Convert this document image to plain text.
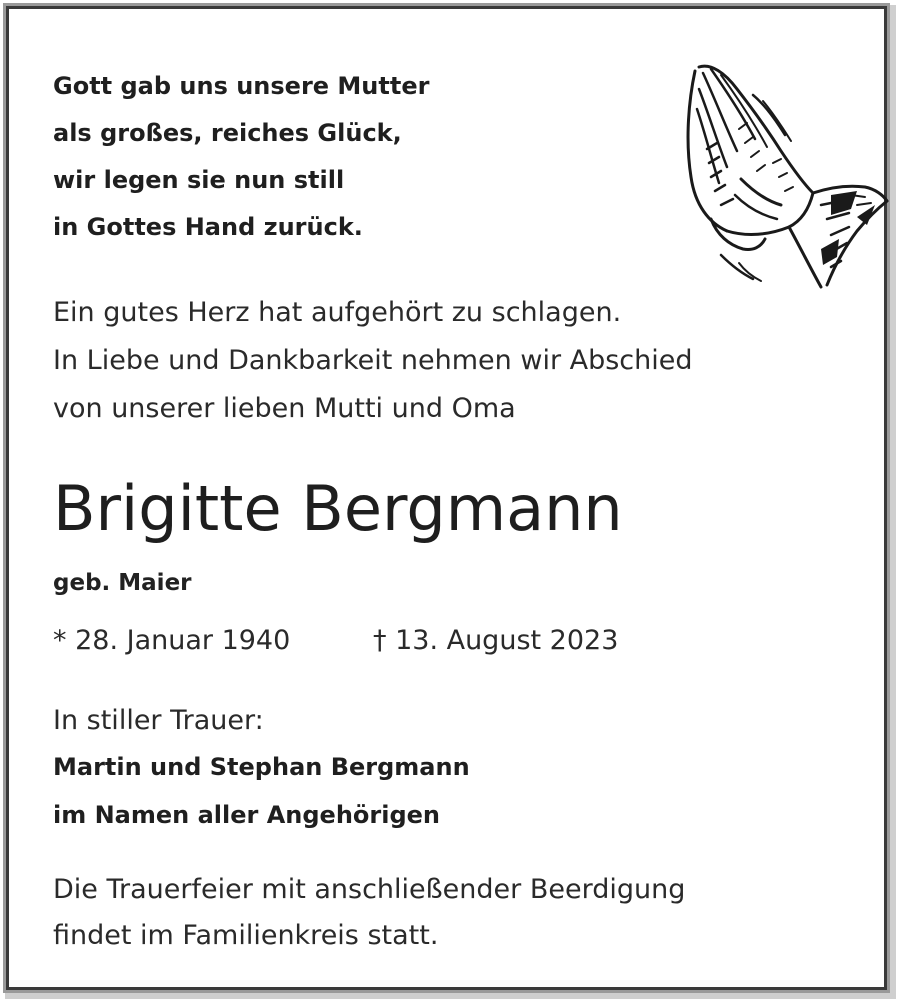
Gott gab uns unsere Mutter
als großes, reiches Glück,
wir legen sie nun still
in Gottes Hand zurück.
Ein gutes Herz hat aufgehört zu schlagen.
In Liebe und Dankbarkeit nehmen wir Abschied
von unserer lieben Mutti und Oma
Brigitte Bergmann
geb. Maier
* 28. Januar 1940	† 13. August 2023
In stiller Trauer:
Martin und Stephan Bergmann
im Namen aller Angehörigen
Die Trauerfeier mit anschließender Beerdigung
findet im Familienkreis statt.
